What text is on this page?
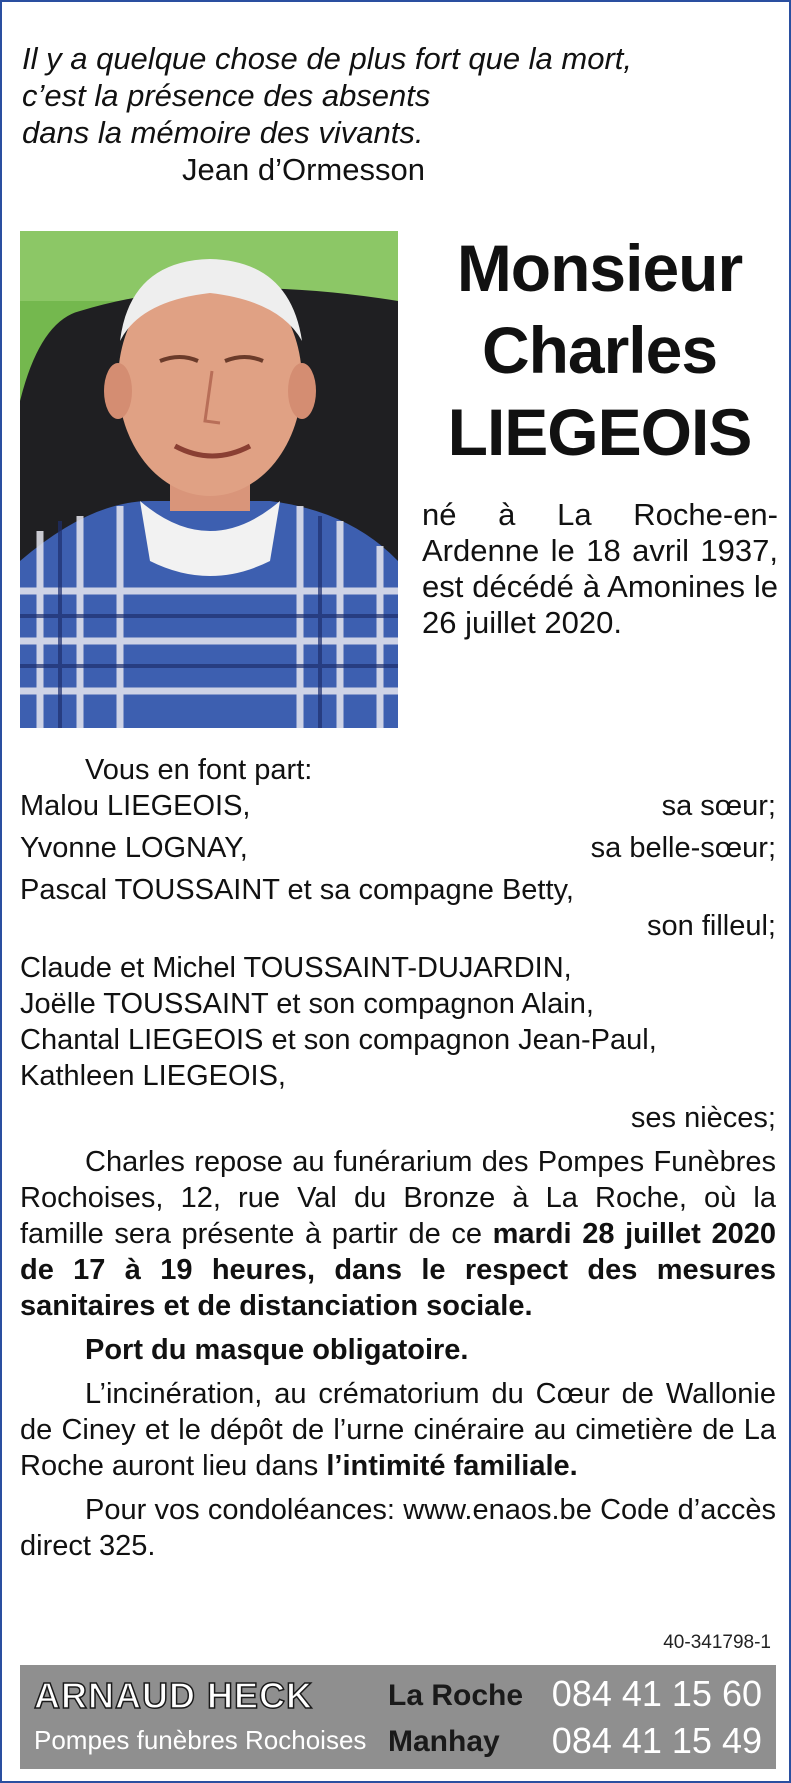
Il y a quelque chose de plus fort que la mort,
c’est la présence des absents
dans la mémoire des vivants.
Jean d’Ormesson
Monsieur
Charles
LIEGEOIS
né à La Roche-en-Ardenne le 18 avril 1937, est décédé à Amonines le 26 juillet 2020.
Vous en font part:
Malou LIEGEOIS,	sa sœur;
Yvonne LOGNAY,	sa belle-sœur;
Pascal TOUSSAINT et sa compagne Betty,
son filleul;
Claude et Michel TOUSSAINT-DUJARDIN,
Joëlle TOUSSAINT et son compagnon Alain,
Chantal LIEGEOIS et son compagnon Jean-Paul,
Kathleen LIEGEOIS,
ses nièces;
Charles repose au funérarium des Pompes Funèbres Rochoises, 12, rue Val du Bronze à La Roche, où la famille sera présente à partir de ce mardi 28 juillet 2020 de 17 à 19 heures, dans le respect des mesures sanitaires et de distanciation sociale.
Port du masque obligatoire.
L’incinération, au crématorium du Cœur de Wallonie de Ciney et le dépôt de l’urne cinéraire au cimetière de La Roche auront lieu dans l’intimité familiale.
Pour vos condoléances: www.enaos.be Code d’accès direct 325.
40-341798-1
ARNAUD HECK
Pompes funèbres Rochoises
La Roche
Manhay
084 41 15 60
084 41 15 49
